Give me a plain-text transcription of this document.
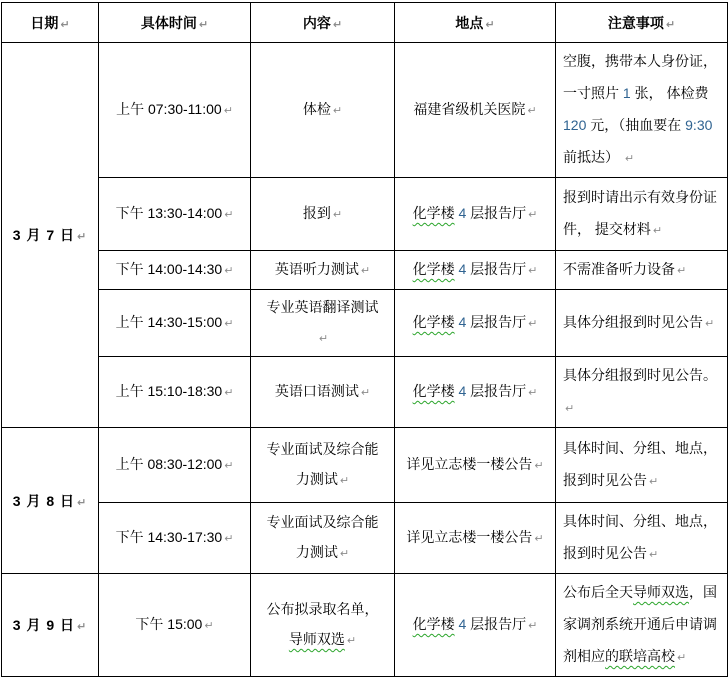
日期 ↵	具体时间 ↵	内容 ↵	地点 ↵	注意事项 ↵
3 月 7 日 ↵	上午 07:30-11:00 ↵	体检 ↵	福建省级机关医院 ↵	空腹，携带本人身份证，一寸照片 1 张， 体检费 120 元，（抽血要在 9:30 前抵达） ↵
	下午 13:30-14:00 ↵	报到 ↵	化学楼 4 层报告厅 ↵	报到时请出示有效身份证件， 提交材料 ↵
	下午 14:00-14:30 ↵	英语听力测试 ↵	化学楼 4 层报告厅 ↵	不需准备听力设备 ↵
	上午 14:30-15:00 ↵	专业英语翻译测试↵	化学楼 4 层报告厅 ↵	具体分组报到时见公告 ↵
	上午 15:10-18:30 ↵	英语口语测试 ↵	化学楼 4 层报告厅 ↵	具体分组报到时见公告。↵
3 月 8 日 ↵	上午 08:30-12:00 ↵	专业面试及综合能力测试 ↵	详见立志楼一楼公告 ↵	具体时间、分组、地点，报到时见公告 ↵
	下午 14:30-17:30 ↵	专业面试及综合能力测试 ↵	详见立志楼一楼公告 ↵	具体时间、分组、地点，报到时见公告 ↵
3 月 9 日 ↵	下午 15:00 ↵	公布拟录取名单，导师双选 ↵	化学楼 4 层报告厅 ↵	公布后全天导师双选，国家调剂系统开通后申请调剂相应的联培高校 ↵
